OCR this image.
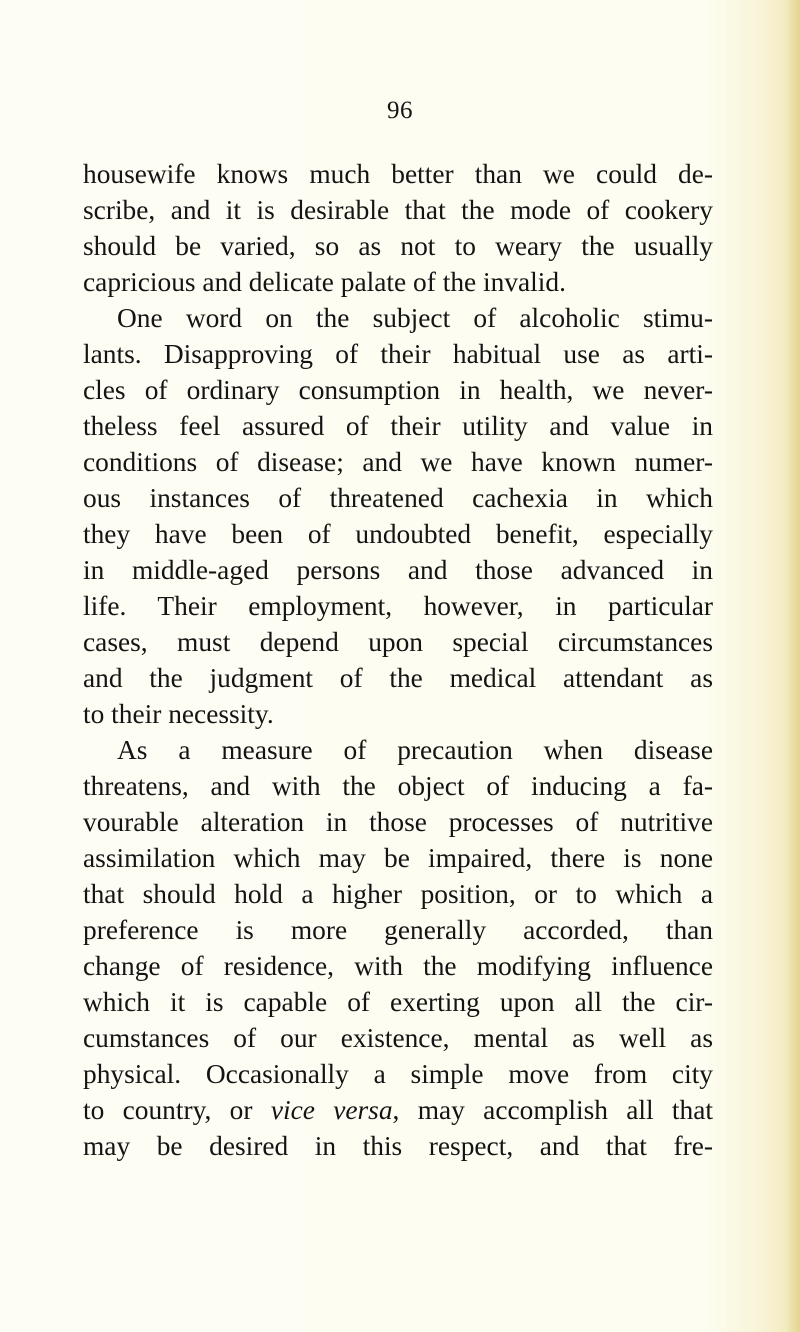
96
housewife knows much better than we could de-
scribe, and it is desirable that the mode of cookery
should be varied, so as not to weary the usually
capricious and delicate palate of the invalid.
One word on the subject of alcoholic stimu-
lants. Disapproving of their habitual use as arti-
cles of ordinary consumption in health, we never-
theless feel assured of their utility and value in
conditions of disease; and we have known numer-
ous instances of threatened cachexia in which
they have been of undoubted benefit, especially
in middle-aged persons and those advanced in
life. Their employment, however, in particular
cases, must depend upon special circumstances
and the judgment of the medical attendant as
to their necessity.
As a measure of precaution when disease
threatens, and with the object of inducing a fa-
vourable alteration in those processes of nutritive
assimilation which may be impaired, there is none
that should hold a higher position, or to which a
preference is more generally accorded, than
change of residence, with the modifying influence
which it is capable of exerting upon all the cir-
cumstances of our existence, mental as well as
physical. Occasionally a simple move from city
to country, or vice versa, may accomplish all that
may be desired in this respect, and that fre-
